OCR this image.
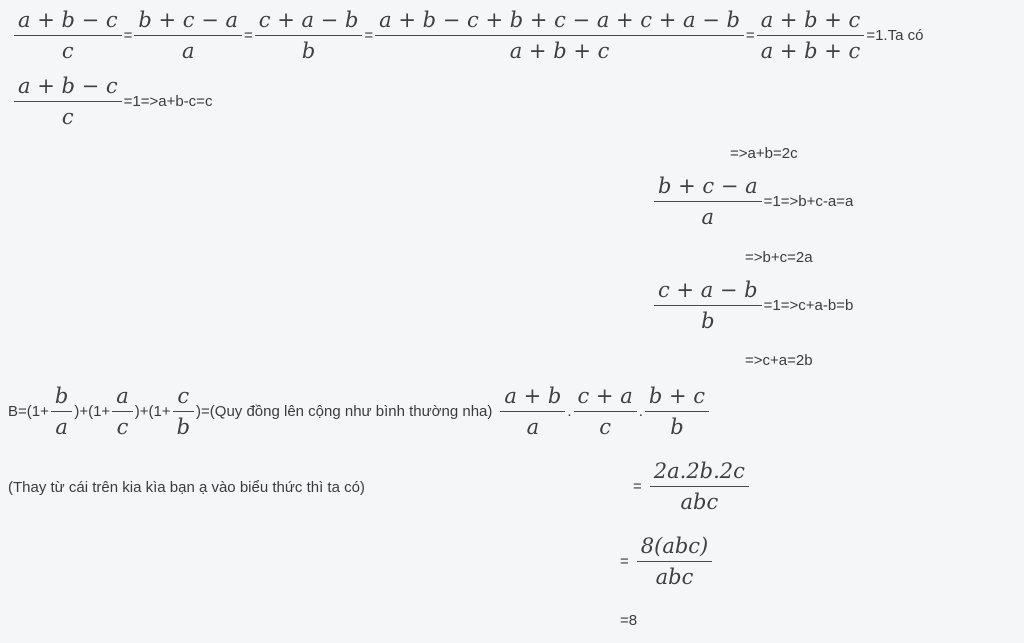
$\frac{a + b - c}{c} = \frac{b + c - a}{a} = \frac{c + a - b}{b} = \frac{a + b - c + b + c - a + c + a - b}{a + b + c} = \frac{a + b + c}{a + b + c} =1.Ta$ có
$\frac{a + b - c}{c} =1=>a+b-c=c$
=>a+b=2c
$\frac{b + c - a}{a} =1=>b+c-a=a$
=>b+c=2a
$\frac{c + a - b}{b} =1=>c+a-b=b$
=>c+a=2b
$B=(1+ \frac{b}{a} )+(1+ \frac{a}{c} )+(1+ \frac{c}{b} )=(Quy$ đồng lên cộng như bình thường $nha) \frac{a + b}{a}$ . $\frac{c + a}{c}$ . $\frac{b + c}{b}$
(Thay từ cái trên kia kìa bạn ạ vào biểu thức thì ta có)	= $\frac{2a.2b.2c}{\text{abc}}$
= $\frac{\text{8(abc)}}{\text{abc}}$
=8
